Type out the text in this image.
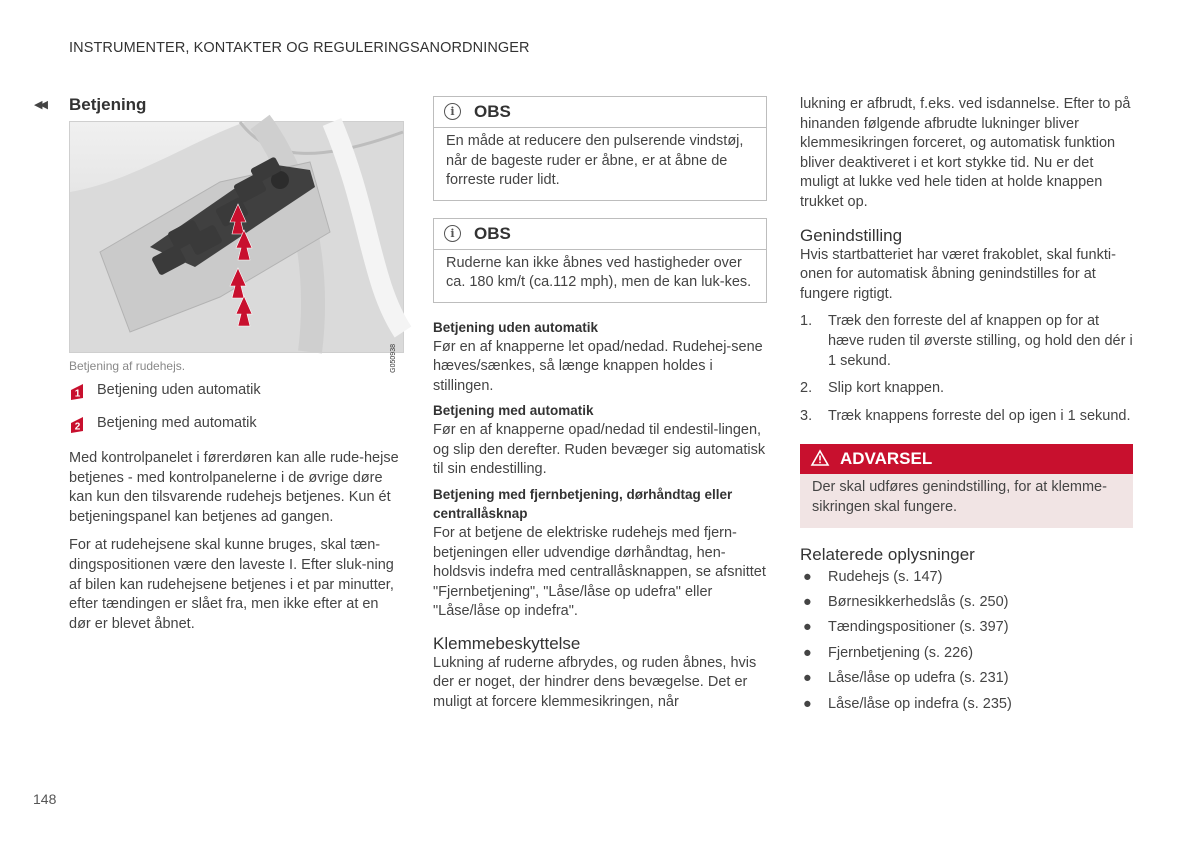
INSTRUMENTER, KONTAKTER OG REGULERINGSANORDNINGER
◀◀ Betjening
G050938
Betjening af rudehejs.
1 Betjening uden automatik
2 Betjening med automatik

Med kontrolpanelet i førerdøren kan alle rude-hejse betjenes - med kontrolpanelerne i de øvrige døre kan kun den tilsvarende rudehejs betjenes. Kun ét betjeningspanel kan betjenes ad gangen.

For at rudehejsene skal kunne bruges, skal tæn-dingspositionen være den laveste I. Efter sluk-ning af bilen kan rudehejsene betjenes i et par minutter, efter tændingen er slået fra, men ikke efter at en dør er blevet åbnet.

i	OBS
En måde at reducere den pulserende vindstøj, når de bageste ruder er åbne, er at åbne de forreste ruder lidt.
i	OBS
Ruderne kan ikke åbnes ved hastigheder over ca. 180 km/t (ca.112 mph), men de kan luk-kes.

Betjening uden automatik

Før en af knapperne let opad/nedad. Rudehej-sene hæves/sænkes, så længe knappen holdes i stillingen.

Betjening med automatik

Før en af knapperne opad/nedad til endestil-lingen, og slip den derefter. Ruden bevæger sig automatisk til sin endestilling.

Betjening med fjernbetjening, dørhåndtag eller centrallåsknap

For at betjene de elektriske rudehejs med fjern-betjeningen eller udvendige dørhåndtag, hen-holdsvis indefra med centrallåsknappen, se afsnittet "Fjernbetjening", "Låse/låse op udefra" eller "Låse/låse op indefra".

Klemmebeskyttelse

Lukning af ruderne afbrydes, og ruden åbnes, hvis der er noget, der hindrer dens bevægelse. Det er muligt at forcere klemmesikringen, når

lukning er afbrudt, f.eks. ved isdannelse. Efter to på hinanden følgende afbrudte lukninger bliver klemmesikringen forceret, og automatisk funktion bliver deaktiveret i et kort stykke tid. Nu er det muligt at lukke ved hele tiden at holde knappen trukket op.

Genindstilling

Hvis startbatteriet har været frakoblet, skal funkti-onen for automatisk åbning genindstilles for at fungere rigtigt.

1. Træk den forreste del af knappen op for at hæve ruden til øverste stilling, og hold den dér i 1 sekund.
2. Slip kort knappen.
3. Træk knappens forreste del op igen i 1 sekund.
ADVARSEL
Der skal udføres genindstilling, for at klemme-sikringen skal fungere.

Relaterede oplysninger

● Rudehejs (s. 147)
● Børnesikkerhedslås (s. 250)
● Tændingspositioner (s. 397)
● Fjernbetjening (s. 226)
● Låse/låse op udefra (s. 231)
● Låse/låse op indefra (s. 235)
148
